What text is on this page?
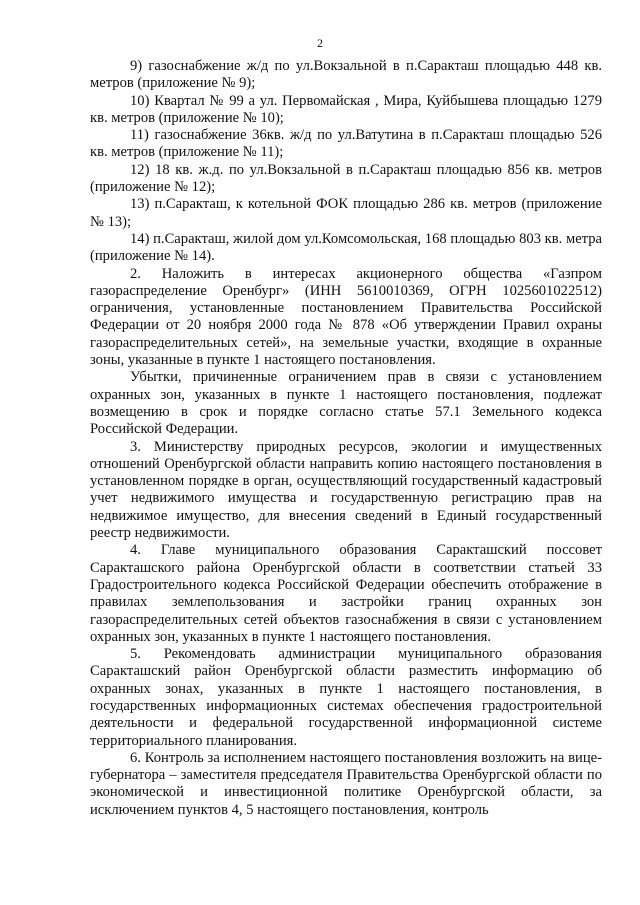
2

9) газоснабжение ж/д по ул.Вокзальной в п.Саракташ площадью 448 кв. метров (приложение № 9);

10) Квартал № 99 а ул. Первомайская , Мира, Куйбышева площадью 1279 кв. метров (приложение № 10);

11) газоснабжение 36кв. ж/д по ул.Ватутина в п.Саракташ площадью 526 кв. метров (приложение № 11);

12) 18 кв. ж.д. по ул.Вокзальной в п.Саракташ площадью 856 кв. метров (приложение № 12);

13) п.Саракташ, к котельной ФОК площадью 286 кв. метров (приложение № 13);

14) п.Саракташ, жилой дом ул.Комсомольская, 168 площадью 803 кв. метра (приложение № 14).

2. Наложить в интересах акционерного общества «Газпром газораспределение Оренбург» (ИНН 5610010369, ОГРН 1025601022512) ограничения, установленные постановлением Правительства Российской Федерации от 20 ноября 2000 года № 878 «Об утверждении Правил охраны газораспределительных сетей», на земельные участки, входящие в охранные зоны, указанные в пункте 1 настоящего постановления.

Убытки, причиненные ограничением прав в связи с установлением охранных зон, указанных в пункте 1 настоящего постановления, подлежат возмещению в срок и порядке согласно статье 57.1 Земельного кодекса Российской Федерации.

3. Министерству природных ресурсов, экологии и имущественных отношений Оренбургской области направить копию настоящего постановления в установленном порядке в орган, осуществляющий государственный кадастровый учет недвижимого имущества и государственную регистрацию прав на недвижимое имущество, для внесения сведений в Единый государственный реестр недвижимости.

4. Главе муниципального образования Саракташский поссовет Саракташского района Оренбургской области в соответствии статьей 33 Градостроительного кодекса Российской Федерации обеспечить отображение в правилах землепользования и застройки границ охранных зон газораспределительных сетей объектов газоснабжения в связи с установлением охранных зон, указанных в пункте 1 настоящего постановления.

5. Рекомендовать администрации муниципального образования Саракташский район Оренбургской области разместить информацию об охранных зонах, указанных в пункте 1 настоящего постановления, в государственных информационных системах обеспечения градостроительной деятельности и федеральной государственной информационной системе территориального планирования.

6. Контроль за исполнением настоящего постановления возложить на вице-губернатора – заместителя председателя Правительства Оренбургской области по экономической и инвестиционной политике Оренбургской области, за исключением пунктов 4, 5 настоящего постановления, контроль
